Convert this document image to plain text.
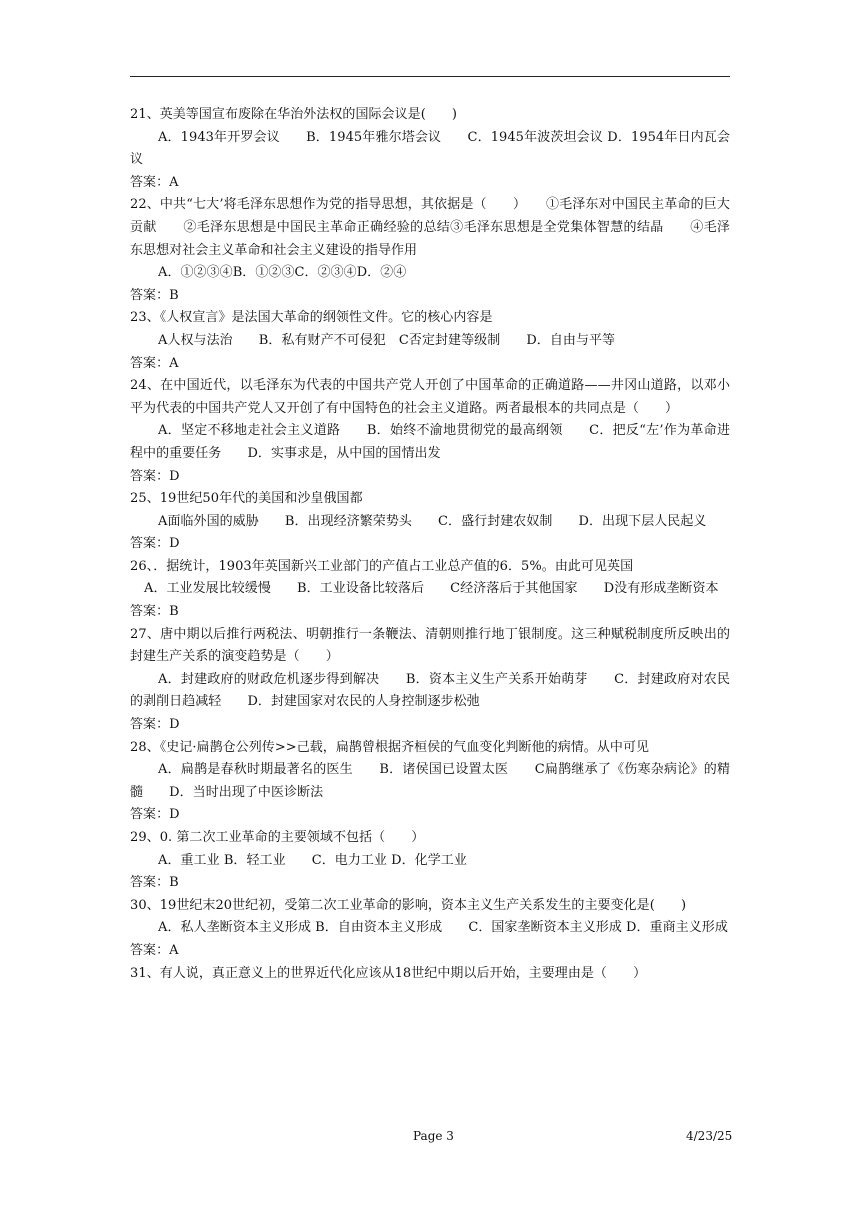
21、英美等国宣布废除在华治外法权的国际会议是(　　)

A．1943年开罗会议　　B．1945年雅尔塔会议　　C．1945年波茨坦会议 D．1954年日内瓦会议

答案：A

22、中共“七大’将毛泽东思想作为党的指导思想，其依据是（　　）　　①毛泽东对中国民主革命的巨大贡献　　②毛泽东思想是中国民主革命正确经验的总结③毛泽东思想是全党集体智慧的结晶　　④毛泽东思想对社会主义革命和社会主义建设的指导作用

A．①②③④B．①②③C．②③④D．②④

答案：B

23、《人权宣言》是法国大革命的纲领性文件。它的核心内容是

A人权与法治　　B．私有财产不可侵犯　C否定封建等级制　　D．自由与平等

答案：A

24、在中国近代，以毛泽东为代表的中国共产党人开创了中国革命的正确道路——井冈山道路，以邓小平为代表的中国共产党人又开创了有中国特色的社会主义道路。两者最根本的共同点是（　　）

A．坚定不移地走社会主义道路　　B．始终不渝地贯彻党的最高纲领　　C．把反“左’作为革命进程中的重要任务　　D．实事求是，从中国的国情出发

答案：D

25、19世纪50年代的美国和沙皇俄国都

A面临外国的威胁　　B．出现经济繁荣势头　　C．盛行封建农奴制　　D．出现下层人民起义

答案：D

26、．据统计，1903年英国新兴工业部门的产值占工业总产值的6．5%。由此可见英国

A．工业发展比较缓慢　　B．工业设备比较落后　　C经济落后于其他国家　　D没有形成垄断资本

答案：B

27、唐中期以后推行两税法、明朝推行一条鞭法、清朝则推行地丁银制度。这三种赋税制度所反映出的封建生产关系的演变趋势是（　　）

A．封建政府的财政危机逐步得到解决　　B．资本主义生产关系开始萌芽　　C．封建政府对农民的剥削日趋减轻　　D．封建国家对农民的人身控制逐步松弛

答案：D

28、《史记·扁鹊仓公列传>>己载，扁鹊曾根据齐桓侯的气血变化判断他的病情。从中可见

A．扁鹊是春秋时期最著名的医生　　B．诸侯国已设置太医　　C扁鹊继承了《伤寒杂病论》的精髓　　D．当时出现了中医诊断法

答案：D

29、0. 第二次工业革命的主要领域不包括（　　）

A．重工业 B．轻工业　　C．电力工业 D．化学工业

答案：B

30、19世纪末20世纪初，受第二次工业革命的影响，资本主义生产关系发生的主要变化是(　　)

A．私人垄断资本主义形成 B．自由资本主义形成　　C．国家垄断资本主义形成 D．重商主义形成

答案：A

31、有人说，真正意义上的世界近代化应该从18世纪中期以后开始，主要理由是（　　）

Page 3	4/23/25
